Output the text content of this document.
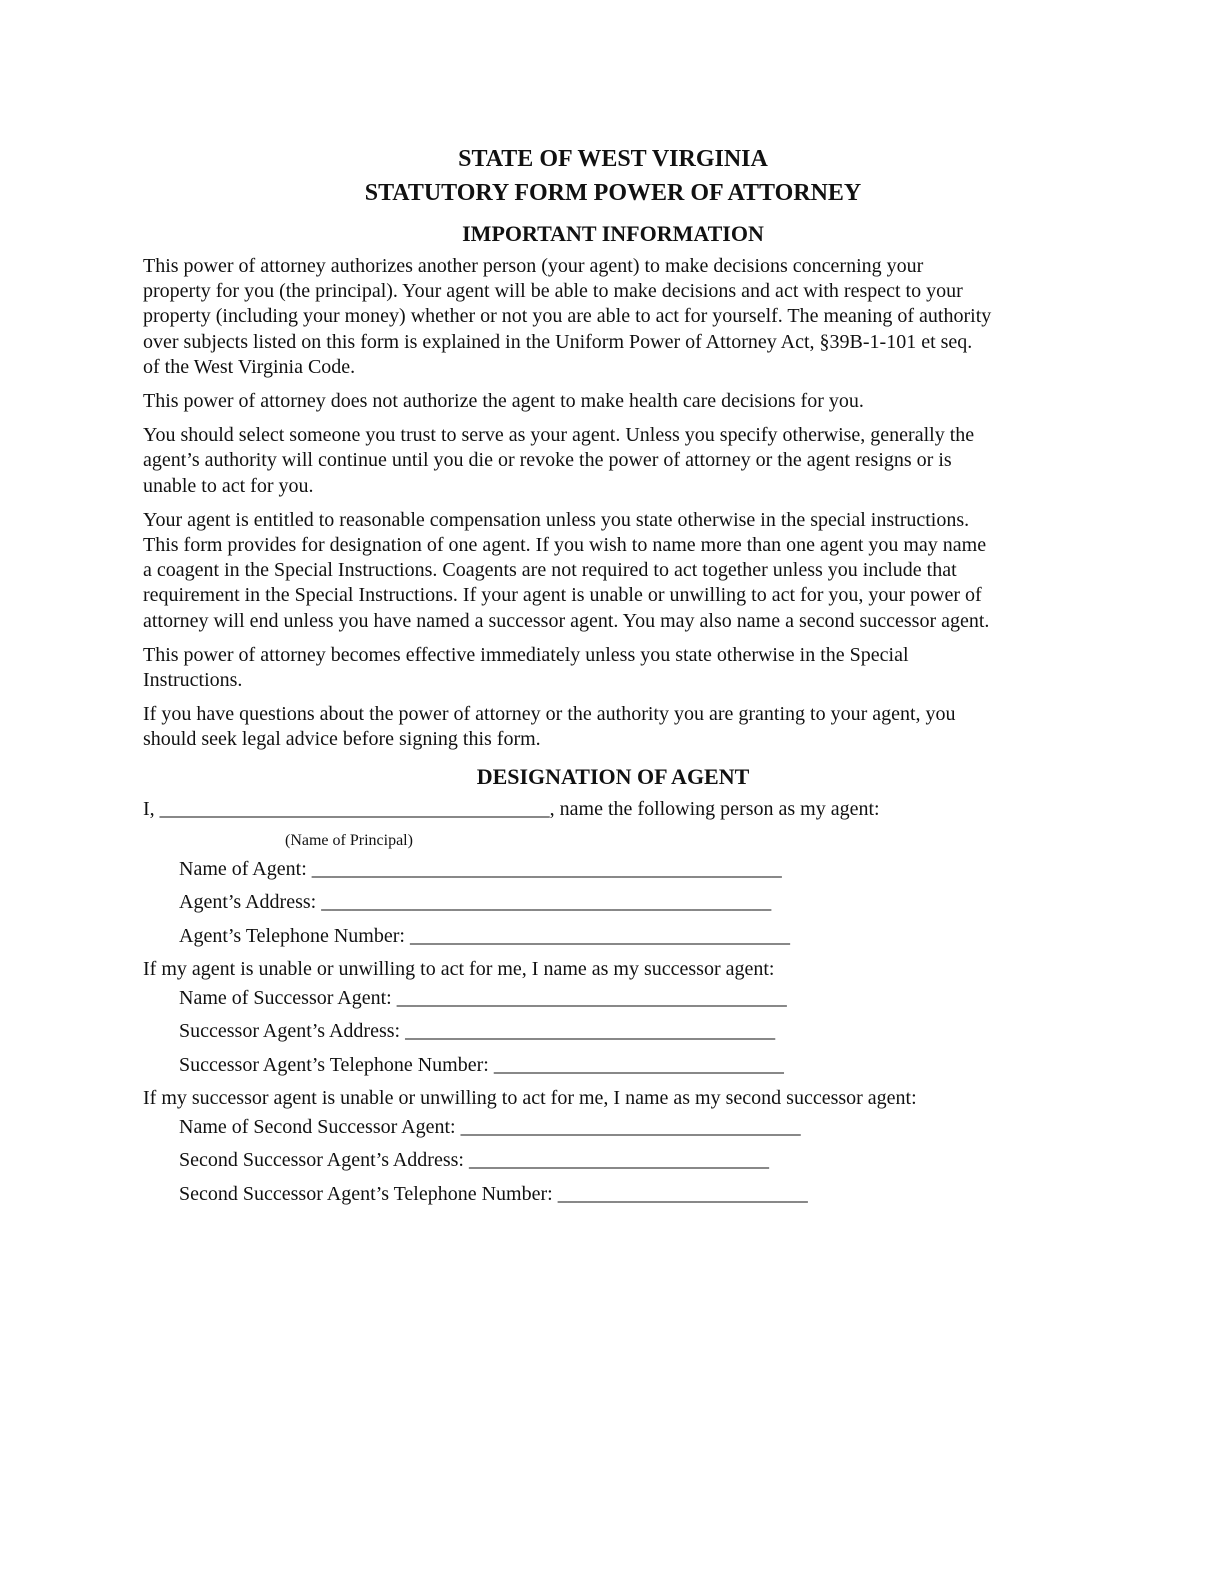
STATE OF WEST VIRGINIA
STATUTORY FORM POWER OF ATTORNEY
IMPORTANT INFORMATION

This power of attorney authorizes another person (your agent) to make decisions concerning your
property for you (the principal). Your agent will be able to make decisions and act with respect to your
property (including your money) whether or not you are able to act for yourself. The meaning of authority
over subjects listed on this form is explained in the Uniform Power of Attorney Act, §39B-1-101 et seq.
of the West Virginia Code.

This power of attorney does not authorize the agent to make health care decisions for you.

You should select someone you trust to serve as your agent. Unless you specify otherwise, generally the
agent’s authority will continue until you die or revoke the power of attorney or the agent resigns or is
unable to act for you.

Your agent is entitled to reasonable compensation unless you state otherwise in the special instructions.
This form provides for designation of one agent. If you wish to name more than one agent you may name
a coagent in the Special Instructions. Coagents are not required to act together unless you include that
requirement in the Special Instructions. If your agent is unable or unwilling to act for you, your power of
attorney will end unless you have named a successor agent. You may also name a second successor agent.

This power of attorney becomes effective immediately unless you state otherwise in the Special
Instructions.

If you have questions about the power of attorney or the authority you are granting to your agent, you
should seek legal advice before signing this form.

DESIGNATION OF AGENT
I, _______________________________________, name the following person as my agent:
(Name of Principal)
Name of Agent: _______________________________________________
Agent’s Address: _____________________________________________
Agent’s Telephone Number: ______________________________________
If my agent is unable or unwilling to act for me, I name as my successor agent:
Name of Successor Agent: _______________________________________
Successor Agent’s Address: _____________________________________
Successor Agent’s Telephone Number: _____________________________
If my successor agent is unable or unwilling to act for me, I name as my second successor agent:
Name of Second Successor Agent: __________________________________
Second Successor Agent’s Address: ______________________________
Second Successor Agent’s Telephone Number: _________________________
